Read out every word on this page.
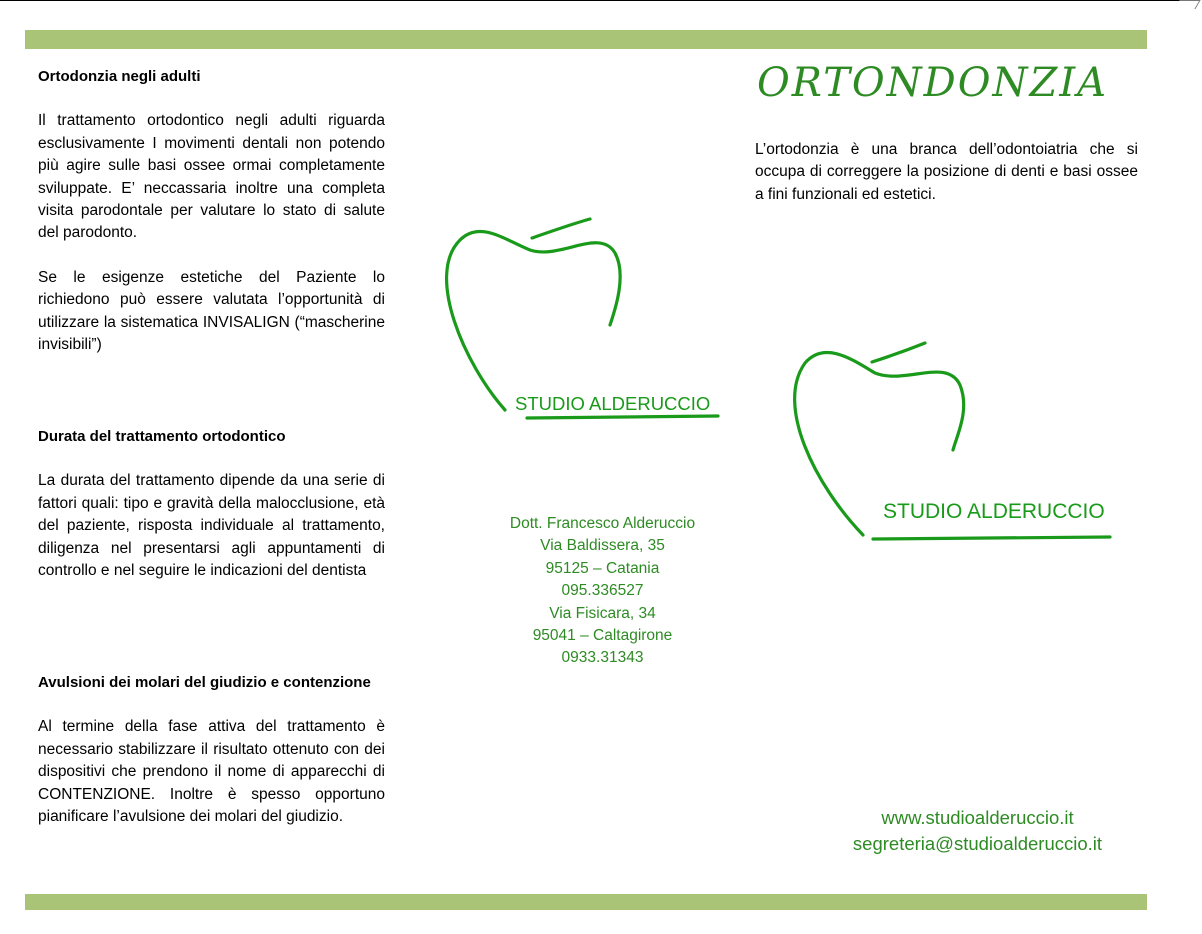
Ortodonzia negli adulti

Il trattamento ortodontico negli adulti riguarda esclusivamente I movimenti dentali non potendo più agire sulle basi ossee ormai completamente sviluppate. E’ neccassaria inoltre una completa visita parodontale per valutare lo stato di salute del parodonto.

Se le esigenze estetiche del Paziente lo richiedono può essere valutata l’opportunità di utilizzare la sistematica INVISALIGN (“mascherine invisibili”)

Durata del trattamento ortodontico

La durata del trattamento dipende da una serie di fattori quali: tipo e gravità della malocclusione, età del paziente, risposta individuale al trattamento, diligenza nel presentarsi agli appuntamenti di controllo e nel seguire le indicazioni del dentista

Avulsioni dei molari del giudizio e contenzione

Al termine della fase attiva del trattamento è necessario stabilizzare il risultato ottenuto con dei dispositivi che prendono il nome di apparecchi di CONTENZIONE. Inoltre è spesso opportuno pianificare l’avulsione dei molari del giudizio.

ORTONDONZIA

L’ortodonzia è una branca dell’odontoiatria che si occupa di correggere la posizione di denti e basi ossee a fini funzionali ed estetici.

STUDIO ALDERUCCIO
Dott. Francesco Alderuccio
Via Baldissera, 35
95125 – Catania
095.336527
Via Fisicara, 34
95041 – Caltagirone
0933.31343
STUDIO ALDERUCCIO
www.studioalderuccio.it
segreteria@studioalderuccio.it
